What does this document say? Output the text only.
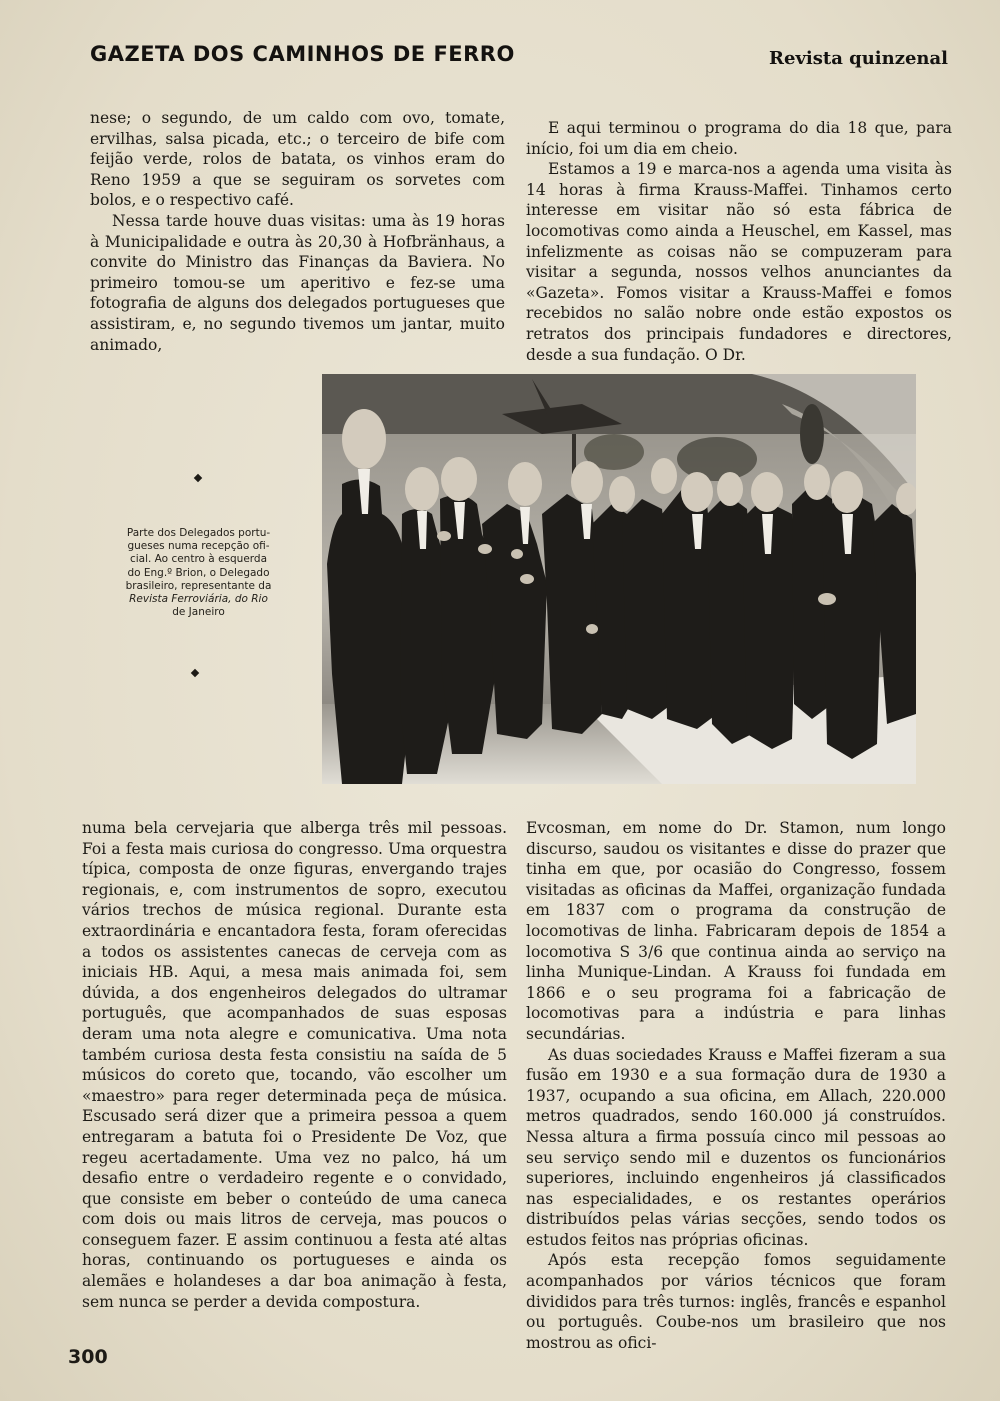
GAZETA DOS CAMINHOS DE FERRO	Revista quinzenal

nese; o segundo, de um caldo com ovo, tomate, ervilhas, salsa picada, etc.; o terceiro de bife com feijão verde, rolos de batata, os vinhos eram do Reno 1959 a que se seguiram os sorvetes com bolos, e o respectivo café.

Nessa tarde houve duas visitas: uma às 19 horas à Municipalidade e outra às 20,30 à Hofbränhaus, a convite do Ministro das Finanças da Baviera. No primeiro tomou-se um aperitivo e fez-se uma fotografia de alguns dos delegados portugueses que assistiram, e, no segundo tivemos um jantar, muito animado,

E aqui terminou o programa do dia 18 que, para início, foi um dia em cheio.

Estamos a 19 e marca-nos a agenda uma visita às 14 horas à firma Krauss-Maffei. Tinhamos certo interesse em visitar não só esta fábrica de locomotivas como ainda a Heuschel, em Kassel, mas infelizmente as coisas não se compuzeram para visitar a segunda, nossos velhos anunciantes da «Gazeta». Fomos visitar a Krauss-Maffei e fomos recebidos no salão nobre onde estão expostos os retratos dos principais fundadores e directores, desde a sua fundação. O Dr.

Parte dos Delegados portu-
gueses numa recepção ofi-
cial. Ao centro à esquerda
do Eng.º Brion, o Delegado
brasileiro, representante da
Revista Ferroviária, do Rio
de Janeiro

numa bela cervejaria que alberga três mil pessoas. Foi a festa mais curiosa do congresso. Uma orquestra típica, composta de onze figuras, envergando trajes regionais, e, com instrumentos de sopro, executou vários trechos de música regional. Durante esta extraordinária e encantadora festa, foram oferecidas a todos os assistentes canecas de cerveja com as iniciais HB. Aqui, a mesa mais animada foi, sem dúvida, a dos engenheiros delegados do ultramar português, que acompanhados de suas esposas deram uma nota alegre e comunicativa. Uma nota também curiosa desta festa consistiu na saída de 5 músicos do coreto que, tocando, vão escolher um «maestro» para reger determinada peça de música. Escusado será dizer que a primeira pessoa a quem entregaram a batuta foi o Presidente De Voz, que regeu acertadamente. Uma vez no palco, há um desafio entre o verdadeiro regente e o convidado, que consiste em beber o conteúdo de uma caneca com dois ou mais litros de cerveja, mas poucos o conseguem fazer. E assim continuou a festa até altas horas, continuando os portugueses e ainda os alemães e holandeses a dar boa animação à festa, sem nunca se perder a devida compostura.

Evcosman, em nome do Dr. Stamon, num longo discurso, saudou os visitantes e disse do prazer que tinha em que, por ocasião do Congresso, fossem visitadas as oficinas da Maffei, organização fundada em 1837 com o programa da construção de locomotivas de linha. Fabricaram depois de 1854 a locomotiva S 3/6 que continua ainda ao serviço na linha Munique-Lindan. A Krauss foi fundada em 1866 e o seu programa foi a fabricação de locomotivas para a indústria e para linhas secundárias.

As duas sociedades Krauss e Maffei fizeram a sua fusão em 1930 e a sua formação dura de 1930 a 1937, ocupando a sua oficina, em Allach, 220.000 metros quadrados, sendo 160.000 já construídos. Nessa altura a firma possuía cinco mil pessoas ao seu serviço sendo mil e duzentos os funcionários superiores, incluindo engenheiros já classificados nas especialidades, e os restantes operários distribuídos pelas várias secções, sendo todos os estudos feitos nas próprias oficinas.

Após esta recepção fomos seguidamente acompanhados por vários técnicos que foram divididos para três turnos: inglês, francês e espanhol ou português. Coube-nos um brasileiro que nos mostrou as ofici-

300
